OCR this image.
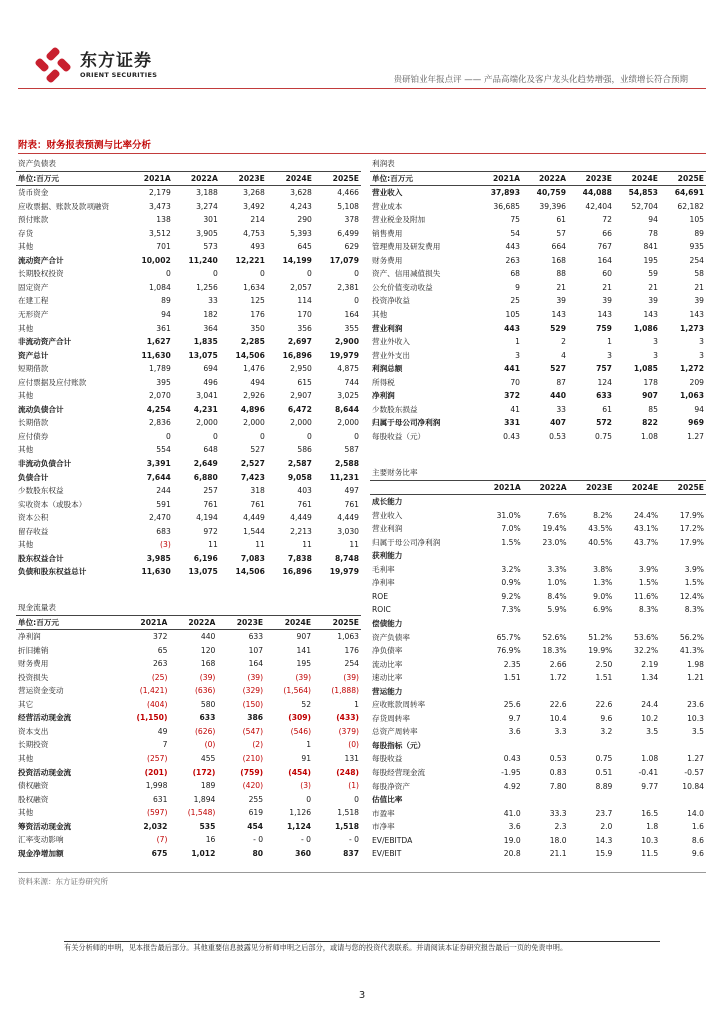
东方证券
ORIENT SECURITIES	贵研铂业年报点评 —— 产品高端化及客户龙头化趋势增强，业绩增长符合预期
附表：财务报表预测与比率分析
资产负债表					
单位:百万元	2021A	2022A	2023E	2024E	2025E
货币资金	2,179	3,188	3,268	3,628	4,466
应收票据、账款及款项融资	3,473	3,274	3,492	4,243	5,108
预付账款	138	301	214	290	378
存货	3,512	3,905	4,753	5,393	6,499
其他	701	573	493	645	629
流动资产合计	10,002	11,240	12,221	14,199	17,079
长期股权投资	0	0	0	0	0
固定资产	1,084	1,256	1,634	2,057	2,381
在建工程	89	33	125	114	0
无形资产	94	182	176	170	164
其他	361	364	350	356	355
非流动资产合计	1,627	1,835	2,285	2,697	2,900
资产总计	11,630	13,075	14,506	16,896	19,979
短期借款	1,789	694	1,476	2,950	4,875
应付票据及应付账款	395	496	494	615	744
其他	2,070	3,041	2,926	2,907	3,025
流动负债合计	4,254	4,231	4,896	6,472	8,644
长期借款	2,836	2,000	2,000	2,000	2,000
应付债券	0	0	0	0	0
其他	554	648	527	586	587
非流动负债合计	3,391	2,649	2,527	2,587	2,588
负债合计	7,644	6,880	7,423	9,058	11,231
少数股东权益	244	257	318	403	497
实收资本（或股本）	591	761	761	761	761
资本公积	2,470	4,194	4,449	4,449	4,449
留存收益	683	972	1,544	2,213	3,030
其他	(3)	11	11	11	11
股东权益合计	3,985	6,196	7,083	7,838	8,748
负债和股东权益总计	11,630	13,075	14,506	16,896	19,979
现金流量表					
单位:百万元	2021A	2022A	2023E	2024E	2025E
净利润	372	440	633	907	1,063
折旧摊销	65	120	107	141	176
财务费用	263	168	164	195	254
投资损失	(25)	(39)	(39)	(39)	(39)
营运资金变动	(1,421)	(636)	(329)	(1,564)	(1,888)
其它	(404)	580	(150)	52	1
经营活动现金流	(1,150)	633	386	(309)	(433)
资本支出	49	(626)	(547)	(546)	(379)
长期投资	7	(0)	(2)	1	(0)
其他	(257)	455	(210)	91	131
投资活动现金流	(201)	(172)	(759)	(454)	(248)
债权融资	1,998	189	(420)	(3)	(1)
股权融资	631	1,894	255	0	0
其他	(597)	(1,548)	619	1,126	1,518
筹资活动现金流	2,032	535	454	1,124	1,518
汇率变动影响	(7)	16	- 0	- 0	- 0
现金净增加额	675	1,012	80	360	837
利润表					
单位:百万元	2021A	2022A	2023E	2024E	2025E
营业收入	37,893	40,759	44,088	54,853	64,691
营业成本	36,685	39,396	42,404	52,704	62,182
营业税金及附加	75	61	72	94	105
销售费用	54	57	66	78	89
管理费用及研发费用	443	664	767	841	935
财务费用	263	168	164	195	254
资产、信用减值损失	68	88	60	59	58
公允价值变动收益	9	21	21	21	21
投资净收益	25	39	39	39	39
其他	105	143	143	143	143
营业利润	443	529	759	1,086	1,273
营业外收入	1	2	1	3	3
营业外支出	3	4	3	3	3
利润总额	441	527	757	1,085	1,272
所得税	70	87	124	178	209
净利润	372	440	633	907	1,063
少数股东损益	41	33	61	85	94
归属于母公司净利润	331	407	572	822	969
每股收益（元）	0.43	0.53	0.75	1.08	1.27
主要财务比率					
	2021A	2022A	2023E	2024E	2025E
成长能力					
营业收入	31.0%	7.6%	8.2%	24.4%	17.9%
营业利润	7.0%	19.4%	43.5%	43.1%	17.2%
归属于母公司净利润	1.5%	23.0%	40.5%	43.7%	17.9%
获利能力					
毛利率	3.2%	3.3%	3.8%	3.9%	3.9%
净利率	0.9%	1.0%	1.3%	1.5%	1.5%
ROE	9.2%	8.4%	9.0%	11.6%	12.4%
ROIC	7.3%	5.9%	6.9%	8.3%	8.3%
偿债能力					
资产负债率	65.7%	52.6%	51.2%	53.6%	56.2%
净负债率	76.9%	18.3%	19.9%	32.2%	41.3%
流动比率	2.35	2.66	2.50	2.19	1.98
速动比率	1.51	1.72	1.51	1.34	1.21
营运能力					
应收账款周转率	25.6	22.6	22.6	24.4	23.6
存货周转率	9.7	10.4	9.6	10.2	10.3
总资产周转率	3.6	3.3	3.2	3.5	3.5
每股指标（元）					
每股收益	0.43	0.53	0.75	1.08	1.27
每股经营现金流	-1.95	0.83	0.51	-0.41	-0.57
每股净资产	4.92	7.80	8.89	9.77	10.84
估值比率					
市盈率	41.0	33.3	23.7	16.5	14.0
市净率	3.6	2.3	2.0	1.8	1.6
EV/EBITDA	19.0	18.0	14.3	10.3	8.6
EV/EBIT	20.8	21.1	15.9	11.5	9.6
资料来源：东方证券研究所
有关分析师的申明，见本报告最后部分。其他重要信息披露见分析师申明之后部分，或请与您的投资代表联系。并请阅读本证券研究报告最后一页的免责申明。
3
